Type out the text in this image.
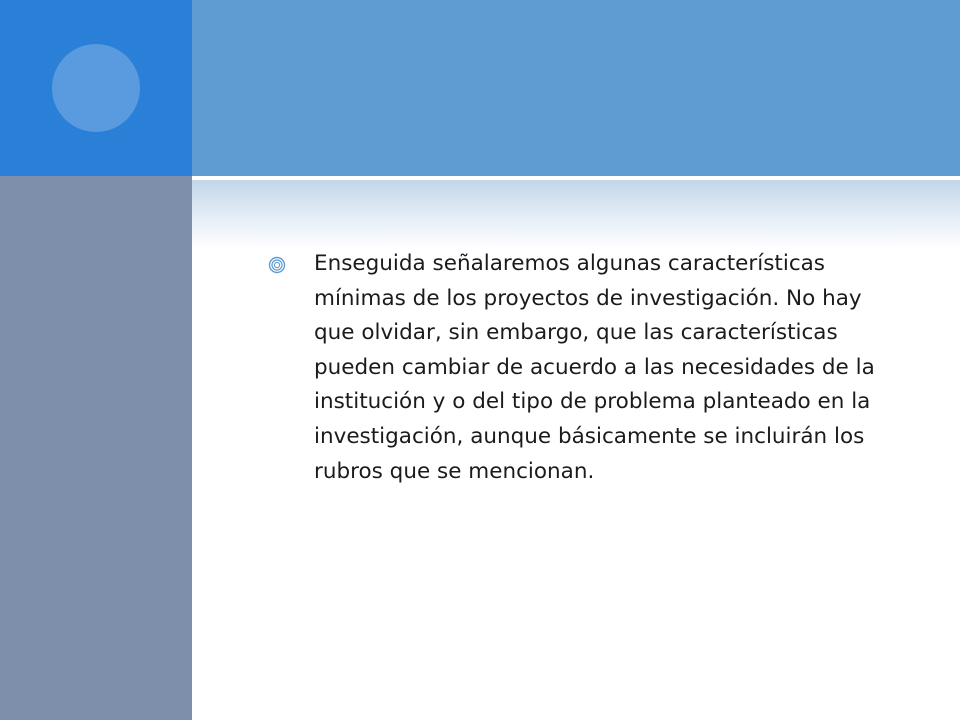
Enseguida señalaremos algunas características mínimas de los proyectos de investigación. No hay que olvidar, sin embargo, que las características pueden cambiar de acuerdo a las necesidades de la institución y o del tipo de problema planteado en la investigación, aunque básicamente se incluirán los rubros que se mencionan.
